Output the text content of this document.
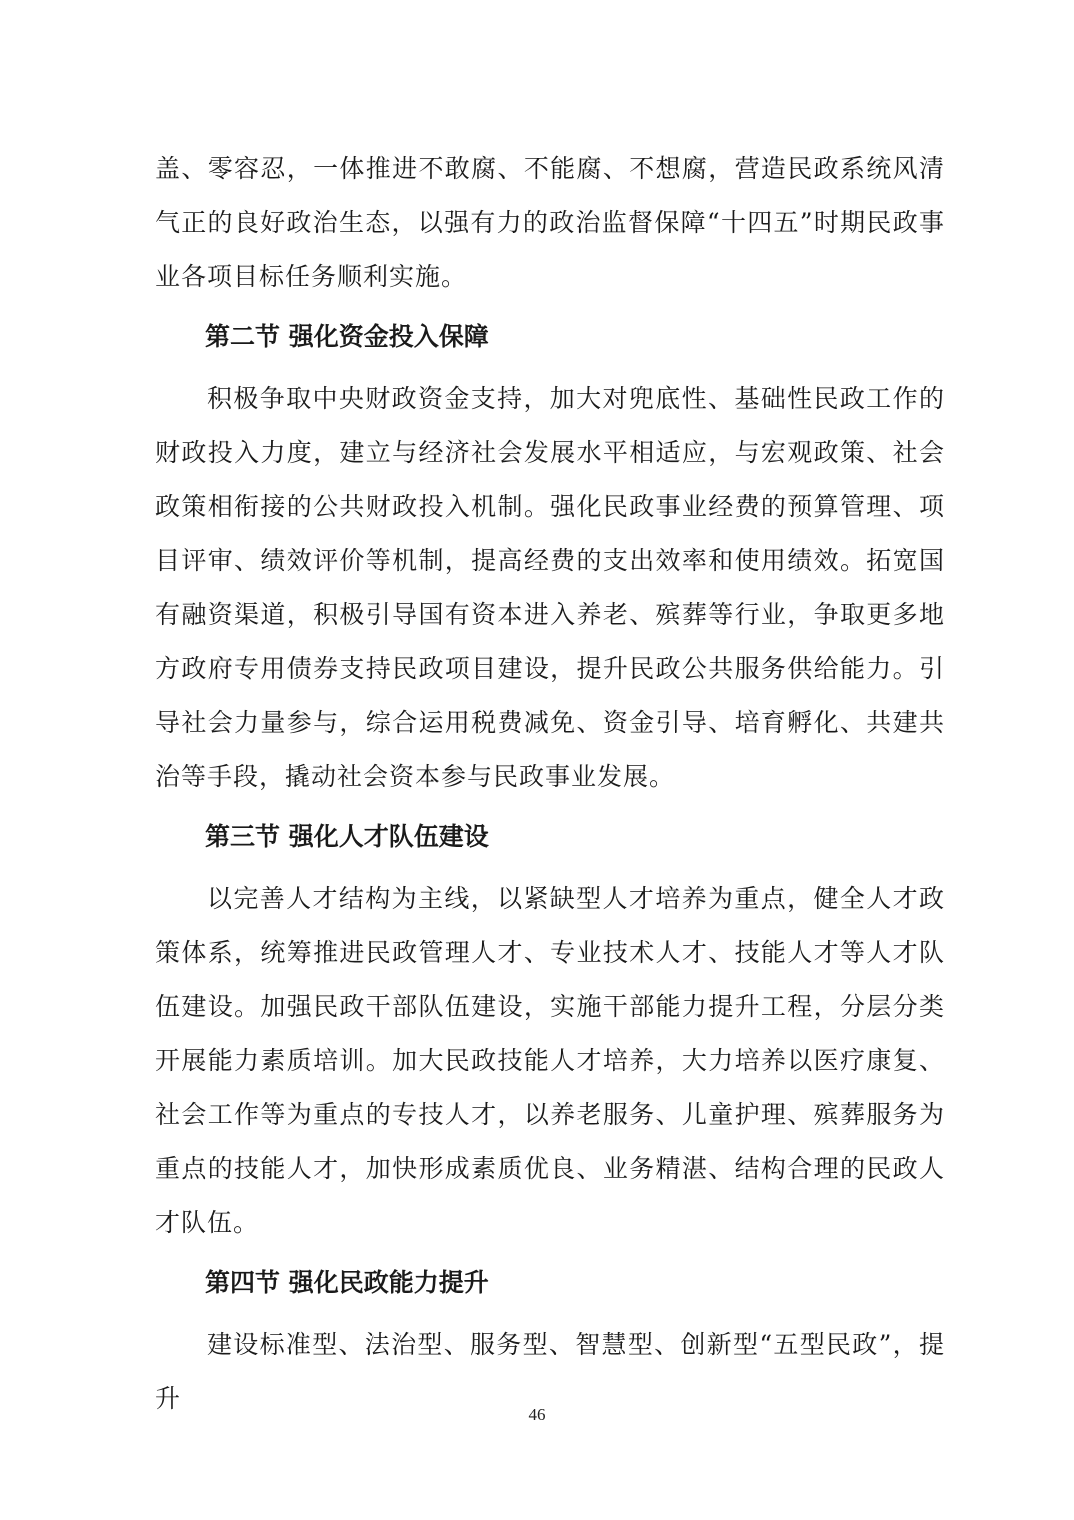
盖、零容忍，一体推进不敢腐、不能腐、不想腐，营造民政系统风清气正的良好政治生态，以强有力的政治监督保障“十四五”时期民政事业各项目标任务顺利实施。

第二节 强化资金投入保障

积极争取中央财政资金支持，加大对兜底性、基础性民政工作的财政投入力度，建立与经济社会发展水平相适应，与宏观政策、社会政策相衔接的公共财政投入机制。强化民政事业经费的预算管理、项目评审、绩效评价等机制，提高经费的支出效率和使用绩效。拓宽国有融资渠道，积极引导国有资本进入养老、殡葬等行业，争取更多地方政府专用债券支持民政项目建设，提升民政公共服务供给能力。引导社会力量参与，综合运用税费减免、资金引导、培育孵化、共建共治等手段，撬动社会资本参与民政事业发展。

第三节 强化人才队伍建设

以完善人才结构为主线，以紧缺型人才培养为重点，健全人才政策体系，统筹推进民政管理人才、专业技术人才、技能人才等人才队伍建设。加强民政干部队伍建设，实施干部能力提升工程，分层分类开展能力素质培训。加大民政技能人才培养，大力培养以医疗康复、社会工作等为重点的专技人才，以养老服务、儿童护理、殡葬服务为重点的技能人才，加快形成素质优良、业务精湛、结构合理的民政人才队伍。

第四节 强化民政能力提升

建设标准型、法治型、服务型、智慧型、创新型“五型民政”，提升

46
